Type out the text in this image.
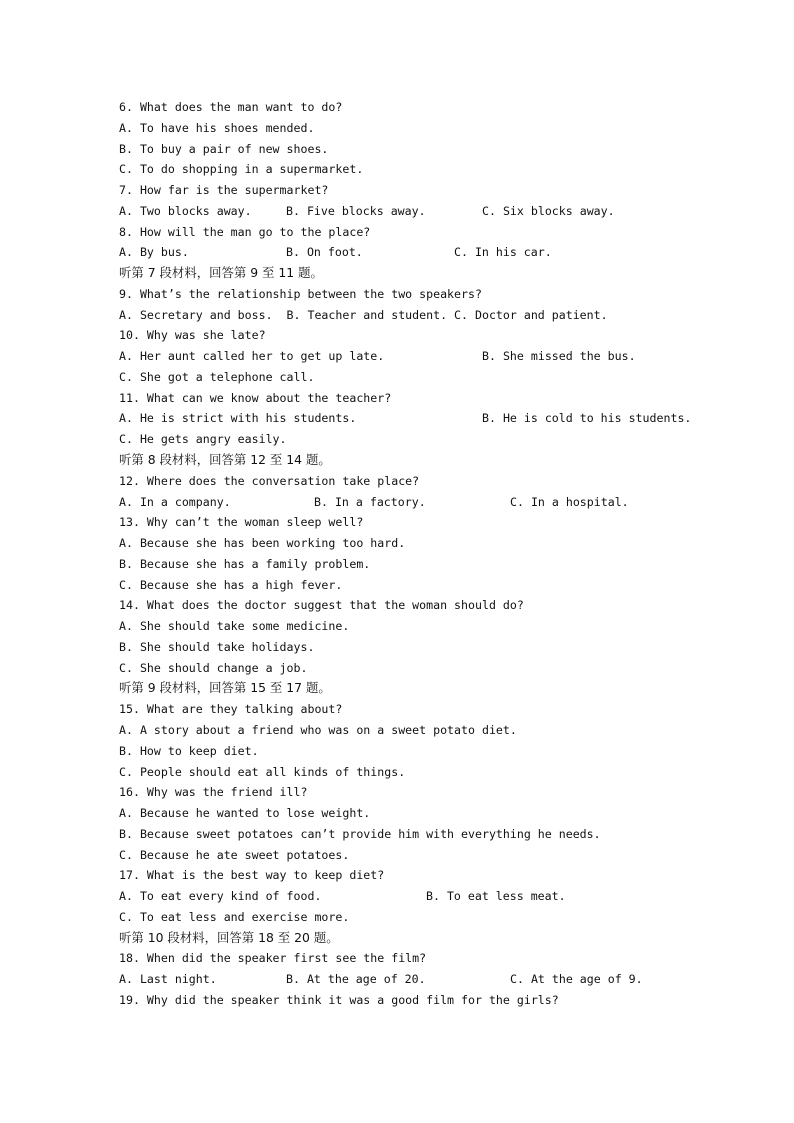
6. What does the man want to do?
A. To have his shoes mended.
B. To buy a pair of new shoes.
C. To do shopping in a supermarket.
7. How far is the supermarket?
A. Two blocks away.	B. Five blocks away.	C. Six blocks away.
8. How will the man go to the place?
A. By bus.	B. On foot.	C. In his car.
听第 7 段材料，回答第 9 至 11 题。
9. What’s the relationship between the two speakers?
A. Secretary and boss.  B. Teacher and student. C. Doctor and patient.
10. Why was she late?
A. Her aunt called her to get up late.	B. She missed the bus.
C. She got a telephone call.
11. What can we know about the teacher?
A. He is strict with his students.	B. He is cold to his students.
C. He gets angry easily.
听第 8 段材料，回答第 12 至 14 题。
12. Where does the conversation take place?
A. In a company.	B. In a factory.	C. In a hospital.
13. Why can’t the woman sleep well?
A. Because she has been working too hard.
B. Because she has a family problem.
C. Because she has a high fever.
14. What does the doctor suggest that the woman should do?
A. She should take some medicine.
B. She should take holidays.
C. She should change a job.
听第 9 段材料，回答第 15 至 17 题。
15. What are they talking about?
A. A story about a friend who was on a sweet potato diet.
B. How to keep diet.
C. People should eat all kinds of things.
16. Why was the friend ill?
A. Because he wanted to lose weight.
B. Because sweet potatoes can’t provide him with everything he needs.
C. Because he ate sweet potatoes.
17. What is the best way to keep diet?
A. To eat every kind of food.	B. To eat less meat.
C. To eat less and exercise more.
听第 10 段材料，回答第 18 至 20 题。
18. When did the speaker first see the film?
A. Last night.	B. At the age of 20.	C. At the age of 9.
19. Why did the speaker think it was a good film for the girls?
